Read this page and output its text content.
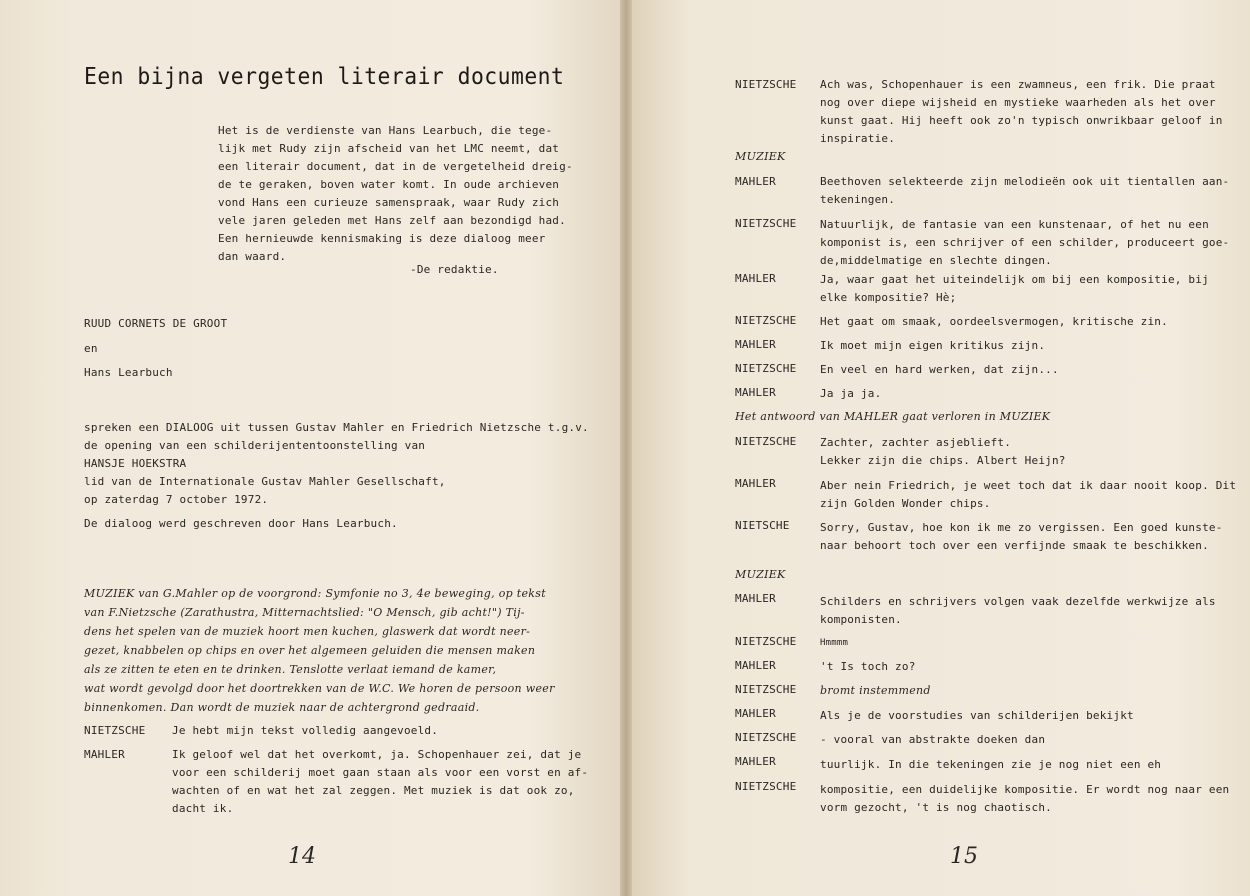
Een bijna vergeten literair document
Het is de verdienste van Hans Learbuch, die tege-
lijk met Rudy zijn afscheid van het LMC neemt, dat
een literair document, dat in de vergetelheid dreig-
de te geraken, boven water komt. In oude archieven
vond Hans een curieuze samenspraak, waar Rudy zich
vele jaren geleden met Hans zelf aan bezondigd had.
Een hernieuwde kennismaking is deze dialoog meer
dan waard.
-De redaktie.
RUUD CORNETS DE GROOT
en
Hans Learbuch
spreken een DIALOOG uit tussen Gustav Mahler en Friedrich Nietzsche t.g.v.
de opening van een schilderijententoonstelling van
HANSJE HOEKSTRA
lid van de Internationale Gustav Mahler Gesellschaft,
op zaterdag 7 october 1972.
De dialoog werd geschreven door Hans Learbuch.
MUZIEK van G.Mahler op de voorgrond: Symfonie no 3, 4e beweging, op tekst
van F.Nietzsche (Zarathustra, Mitternachtslied: "O Mensch, gib acht!") Tij-
dens het spelen van de muziek hoort men kuchen, glaswerk dat wordt neer-
gezet, knabbelen op chips en over het algemeen geluiden die mensen maken
als ze zitten te eten en te drinken. Tenslotte verlaat iemand de kamer,
wat wordt gevolgd door het doortrekken van de W.C. We horen de persoon weer
binnenkomen. Dan wordt de muziek naar de achtergrond gedraaid.
NIETZSCHE Je hebt mijn tekst volledig aangevoeld.
MAHLER	Ik geloof wel dat het overkomt, ja. Schopenhauer zei, dat je
voor een schilderij moet gaan staan als voor een vorst en af-
wachten of en wat het zal zeggen. Met muziek is dat ook zo,
dacht ik.
14
NIETZSCHE Ach was, Schopenhauer is een zwamneus, een frik. Die praat
nog over diepe wijsheid en mystieke waarheden als het over
kunst gaat. Hij heeft ook zo'n typisch onwrikbaar geloof in
inspiratie.
MUZIEK
MAHLER	Beethoven selekteerde zijn melodieën ook uit tientallen aan-
tekeningen.
NIETZSCHE Natuurlijk, de fantasie van een kunstenaar, of het nu een
komponist is, een schrijver of een schilder, produceert goe-
de,middelmatige en slechte dingen.
MAHLER	Ja, waar gaat het uiteindelijk om bij een kompositie, bij
elke kompositie? Hè;
NIETZSCHE Het gaat om smaak, oordeelsvermogen, kritische zin.
MAHLER	Ik moet mijn eigen kritikus zijn.
NIETZSCHE En veel en hard werken, dat zijn...
MAHLER	Ja ja ja.
Het antwoord van MAHLER gaat verloren in MUZIEK
NIETZSCHE Zachter, zachter asjeblieft.
Lekker zijn die chips. Albert Heijn?
MAHLER	Aber nein Friedrich, je weet toch dat ik daar nooit koop. Dit
zijn Golden Wonder chips.
NIETSCHE	Sorry, Gustav, hoe kon ik me zo vergissen. Een goed kunste-
naar behoort toch over een verfijnde smaak te beschikken.
MUZIEK
MAHLER	Schilders en schrijvers volgen vaak dezelfde werkwijze als
komponisten.
NIETZSCHE	Hmmmm
MAHLER	't Is toch zo?
NIETZSCHE bromt instemmend
MAHLER	Als je de voorstudies van schilderijen bekijkt
NIETZSCHE - vooral van abstrakte doeken dan
MAHLER	tuurlijk. In die tekeningen zie je nog niet een eh
NIETZSCHE kompositie, een duidelijke kompositie. Er wordt nog naar een
vorm gezocht, 't is nog chaotisch.
15
